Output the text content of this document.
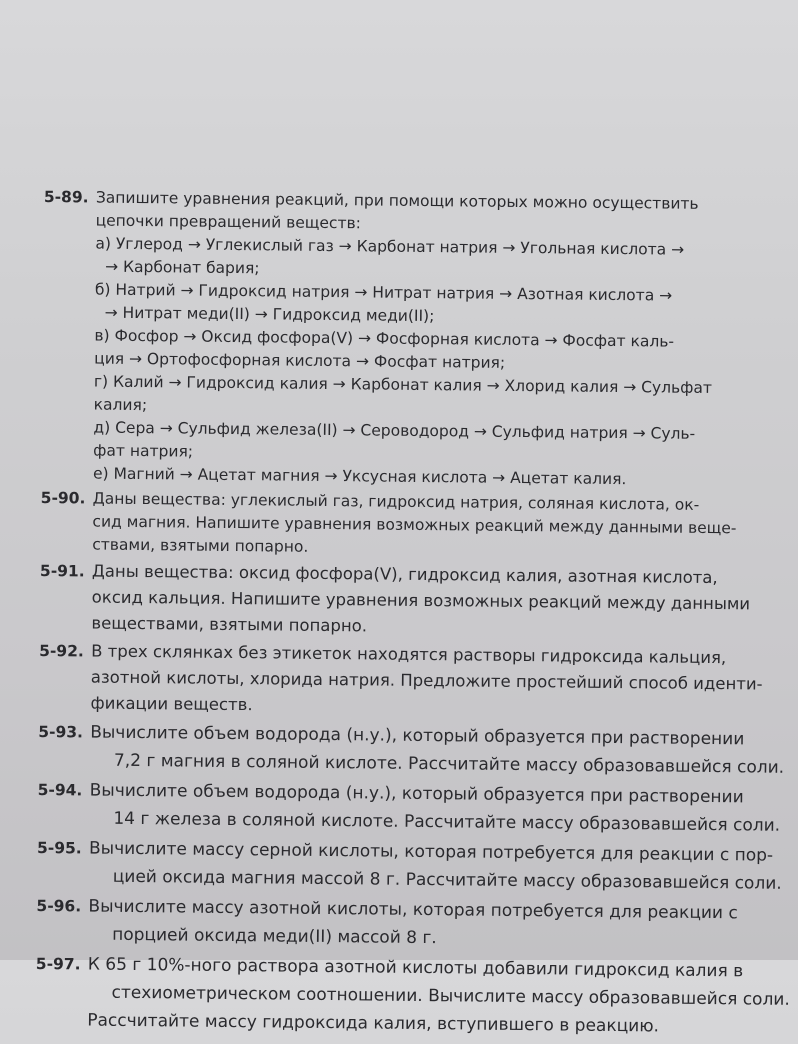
5-89. Запишите уравнения реакций, при помощи которых можно осуществить
цепочки превращений веществ:
а) Углерод → Углекислый газ → Карбонат натрия → Угольная кислота →
→ Карбонат бария;
б) Натрий → Гидроксид натрия → Нитрат натрия → Азотная кислота →
→ Нитрат меди(II) → Гидроксид меди(II);
в) Фосфор → Оксид фосфора(V) → Фосфорная кислота → Фосфат каль-
ция → Ортофосфорная кислота → Фосфат натрия;
г) Калий → Гидроксид калия → Карбонат калия → Хлорид калия → Сульфат
калия;
д) Сера → Сульфид железа(II) → Сероводород → Сульфид натрия → Суль-
фат натрия;
е) Магний → Ацетат магния → Уксусная кислота → Ацетат калия.
5-90. Даны вещества: углекислый газ, гидроксид натрия, соляная кислота, ок-
сид магния. Напишите уравнения возможных реакций между данными веще-
ствами, взятыми попарно.
5-91. Даны вещества: оксид фосфора(V), гидроксид калия, азотная кислота,
оксид кальция. Напишите уравнения возможных реакций между данными
веществами, взятыми попарно.
5-92. В трех склянках без этикеток находятся растворы гидроксида кальция,
азотной кислоты, хлорида натрия. Предложите простейший способ иденти-
фикации веществ.
5-93. Вычислите объем водорода (н.у.), который образуется при растворении
7,2 г магния в соляной кислоте. Рассчитайте массу образовавшейся соли.
5-94. Вычислите объем водорода (н.у.), который образуется при растворении
14 г железа в соляной кислоте. Рассчитайте массу образовавшейся соли.
5-95. Вычислите массу серной кислоты, которая потребуется для реакции с пор-
цией оксида магния массой 8 г. Рассчитайте массу образовавшейся соли.
5-96. Вычислите массу азотной кислоты, которая потребуется для реакции с
порцией оксида меди(II) массой 8 г.
5-97. К 65 г 10%-ного раствора азотной кислоты добавили гидроксид калия в
стехиометрическом соотношении. Вычислите массу образовавшейся соли.
Рассчитайте массу гидроксида калия, вступившего в реакцию.
